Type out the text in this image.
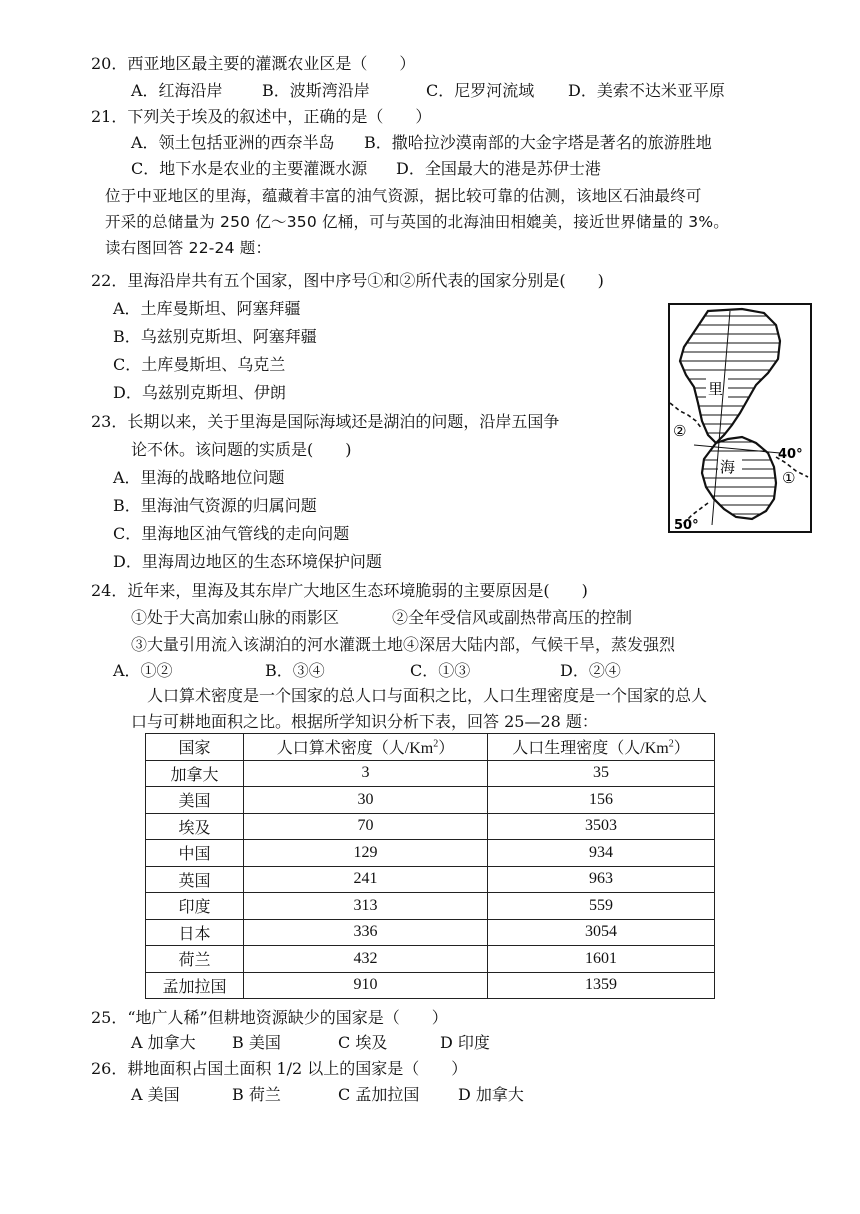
20．西亚地区最主要的灌溉农业区是（　　）
A．红海沿岸 B．波斯湾沿岸	C．尼罗河流域 D．美索不达米亚平原
21．下列关于埃及的叙述中，正确的是（　　）
A．领土包括亚洲的西奈半岛 B．撒哈拉沙漠南部的大金字塔是著名的旅游胜地
C．地下水是农业的主要灌溉水源 D．全国最大的港是苏伊士港
位于中亚地区的里海，蕴藏着丰富的油气资源，据比较可靠的估测，该地区石油最终可
开采的总储量为 250 亿～350 亿桶，可与英国的北海油田相媲美，接近世界储量的 3%。
读右图回答 22-24 题：
22．里海沿岸共有五个国家，图中序号①和②所代表的国家分别是(　　)
A．土库曼斯坦、阿塞拜疆
B．乌兹别克斯坦、阿塞拜疆
C．土库曼斯坦、乌克兰
D．乌兹别克斯坦、伊朗
23．长期以来，关于里海是国际海域还是湖泊的问题，沿岸五国争
论不休。该问题的实质是(　　)
A．里海的战略地位问题
B．里海油气资源的归属问题
C．里海地区油气管线的走向问题
D．里海周边地区的生态环境保护问题
24．近年来，里海及其东岸广大地区生态环境脆弱的主要原因是(　　)
①处于大高加索山脉的雨影区	②全年受信风或副热带高压的控制
③大量引用流入该湖泊的河水灌溉土地④深居大陆内部，气候干旱，蒸发强烈
A．①②	B．③④	C．①③	D．②④
人口算术密度是一个国家的总人口与面积之比，人口生理密度是一个国家的总人
口与可耕地面积之比。根据所学知识分析下表，回答 25—28 题：
国家	人口算术密度（人/Km$^2$）	人口生理密度（人/Km$^2$）
加拿大	3	35
美国	30	156
埃及	70	3503
中国	129	934
英国	241	963
印度	313	559
日本	336	3054
荷兰	432	1601
孟加拉国	910	1359
25．“地广人稀”但耕地资源缺少的国家是（　　）
A 加拿大 B 美国	C 埃及	D 印度
26．耕地面积占国土面积 1/2 以上的国家是（　　）
A 美国	B 荷兰	C 孟加拉国 D 加拿大
里
海
②
①
40°
50°
